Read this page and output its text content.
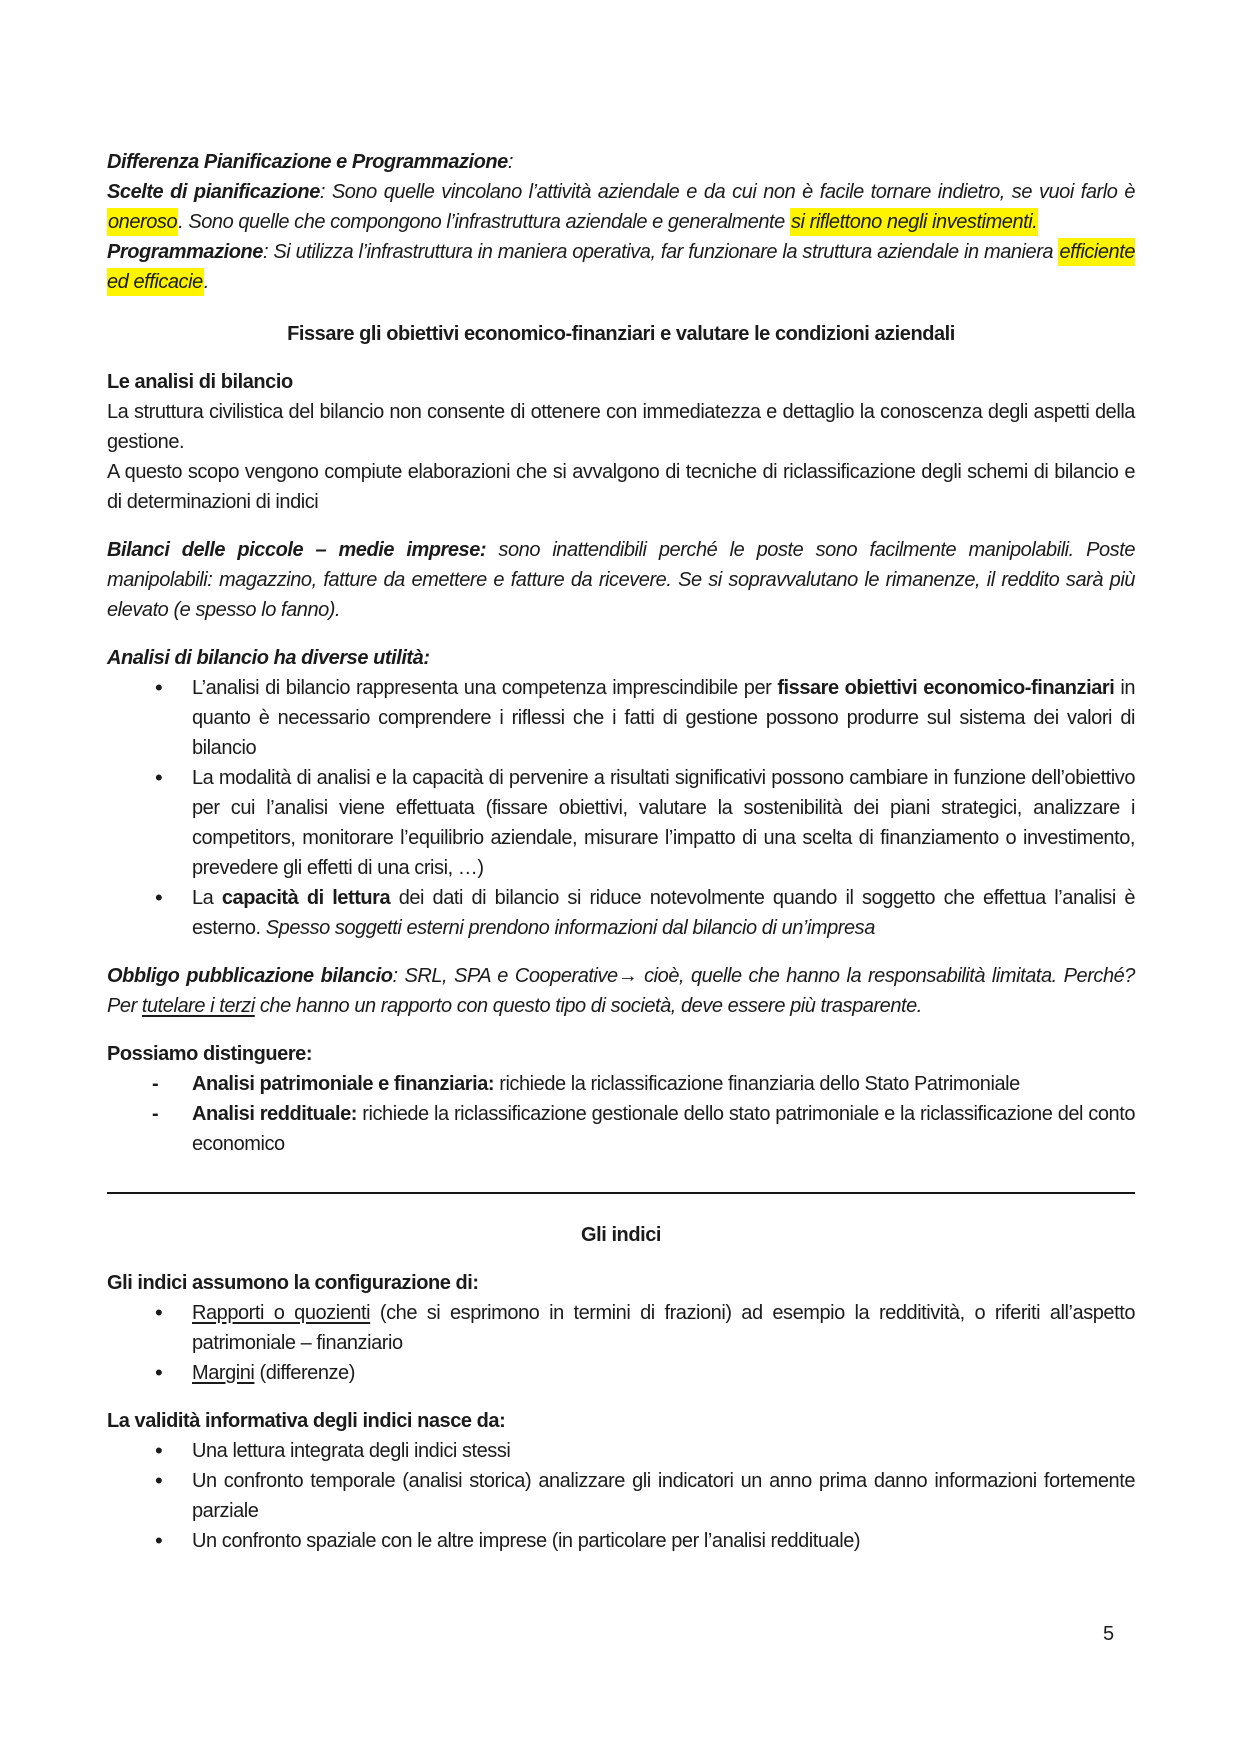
Differenza Pianificazione e Programmazione:

Scelte di pianificazione: Sono quelle vincolano l’attività aziendale e da cui non è facile tornare indietro, se vuoi farlo è oneroso. Sono quelle che compongono l’infrastruttura aziendale e generalmente si riflettono negli investimenti.

Programmazione: Si utilizza l’infrastruttura in maniera operativa, far funzionare la struttura aziendale in maniera efficiente ed efficacie.

Fissare gli obiettivi economico-finanziari e valutare le condizioni aziendali

Le analisi di bilancio

La struttura civilistica del bilancio non consente di ottenere con immediatezza e dettaglio la conoscenza degli aspetti della gestione.

A questo scopo vengono compiute elaborazioni che si avvalgono di tecniche di riclassificazione degli schemi di bilancio e di determinazioni di indici

Bilanci delle piccole – medie imprese: sono inattendibili perché le poste sono facilmente manipolabili. Poste manipolabili: magazzino, fatture da emettere e fatture da ricevere. Se si sopravvalutano le rimanenze, il reddito sarà più elevato (e spesso lo fanno).

Analisi di bilancio ha diverse utilità:

• L’analisi di bilancio rappresenta una competenza imprescindibile per fissare obiettivi economico-finanziari in quanto è necessario comprendere i riflessi che i fatti di gestione possono produrre sul sistema dei valori di bilancio
• La modalità di analisi e la capacità di pervenire a risultati significativi possono cambiare in funzione dell’obiettivo per cui l’analisi viene effettuata (fissare obiettivi, valutare la sostenibilità dei piani strategici, analizzare i competitors, monitorare l’equilibrio aziendale, misurare l’impatto di una scelta di finanziamento o investimento, prevedere gli effetti di una crisi, …)
• La capacità di lettura dei dati di bilancio si riduce notevolmente quando il soggetto che effettua l’analisi è esterno. Spesso soggetti esterni prendono informazioni dal bilancio di un’impresa

Obbligo pubblicazione bilancio: SRL, SPA e Cooperative→ cioè, quelle che hanno la responsabilità limitata. Perché? Per tutelare i terzi che hanno un rapporto con questo tipo di società, deve essere più trasparente.

Possiamo distinguere:

- Analisi patrimoniale e finanziaria: richiede la riclassificazione finanziaria dello Stato Patrimoniale
- Analisi reddituale: richiede la riclassificazione gestionale dello stato patrimoniale e la riclassificazione del conto economico

Gli indici

Gli indici assumono la configurazione di:

• Rapporti o quozienti (che si esprimono in termini di frazioni) ad esempio la redditività, o riferiti all’aspetto patrimoniale – finanziario
• Margini (differenze)

La validità informativa degli indici nasce da:

• Una lettura integrata degli indici stessi
• Un confronto temporale (analisi storica) analizzare gli indicatori un anno prima danno informazioni fortemente parziale
• Un confronto spaziale con le altre imprese (in particolare per l’analisi reddituale)
5
